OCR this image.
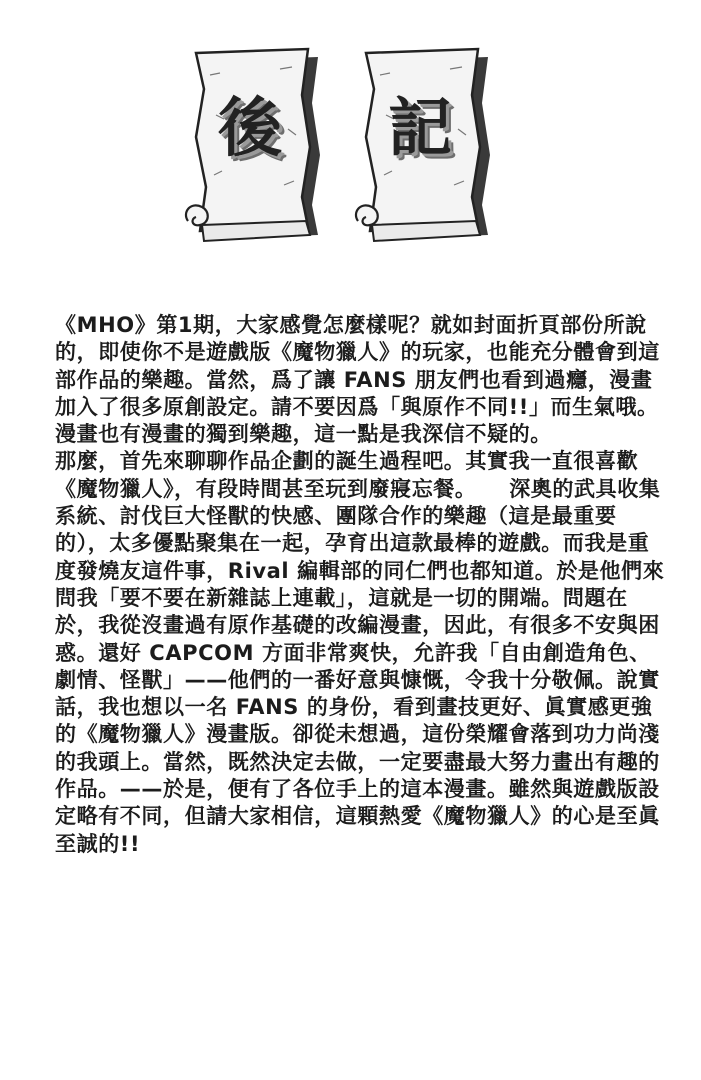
後	記

《MHO》第1期，大家感覺怎麼樣呢？就如封面折頁部份所說的，即使你不是遊戲版《魔物獵人》的玩家，也能充分體會到這部作品的樂趣。當然，爲了讓 FANS 朋友們也看到過癮，漫畫加入了很多原創設定。請不要因爲「與原作不同!!」而生氣哦。漫畫也有漫畫的獨到樂趣，這一點是我深信不疑的。

那麼，首先來聊聊作品企劃的誕生過程吧。其實我一直很喜歡《魔物獵人》，有段時間甚至玩到廢寢忘餐。　　深奧的武具收集系統、討伐巨大怪獸的快感、團隊合作的樂趣（這是最重要的），太多優點聚集在一起，孕育出這款最棒的遊戲。而我是重度發燒友這件事，Rival 編輯部的同仁們也都知道。於是他們來問我「要不要在新雜誌上連載」，這就是一切的開端。問題在於，我從沒畫過有原作基礎的改編漫畫，因此，有很多不安與困惑。還好 CAPCOM 方面非常爽快，允許我「自由創造角色、劇情、怪獸」——他們的一番好意與慷慨，令我十分敬佩。說實話，我也想以一名 FANS 的身份，看到畫技更好、眞實感更強的《魔物獵人》漫畫版。卻從未想過，這份榮耀會落到功力尚淺的我頭上。當然，既然決定去做，一定要盡最大努力畫出有趣的作品。——於是，便有了各位手上的這本漫畫。雖然與遊戲版設定略有不同，但請大家相信，這顆熱愛《魔物獵人》的心是至眞至誠的!!
